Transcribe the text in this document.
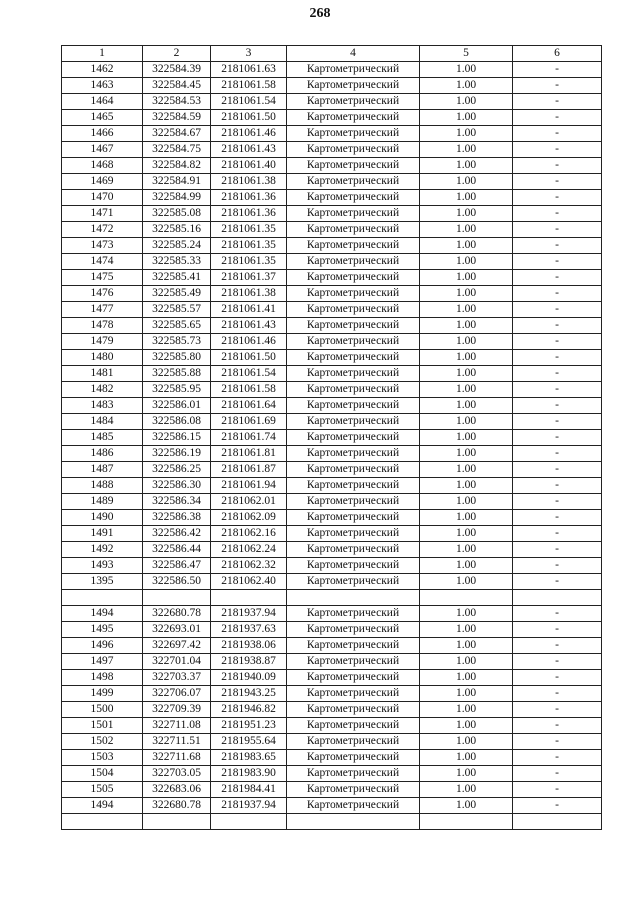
268
1	2	3	4	5	6
1462	322584.39	2181061.63	Картометрический	1.00	-
1463	322584.45	2181061.58	Картометрический	1.00	-
1464	322584.53	2181061.54	Картометрический	1.00	-
1465	322584.59	2181061.50	Картометрический	1.00	-
1466	322584.67	2181061.46	Картометрический	1.00	-
1467	322584.75	2181061.43	Картометрический	1.00	-
1468	322584.82	2181061.40	Картометрический	1.00	-
1469	322584.91	2181061.38	Картометрический	1.00	-
1470	322584.99	2181061.36	Картометрический	1.00	-
1471	322585.08	2181061.36	Картометрический	1.00	-
1472	322585.16	2181061.35	Картометрический	1.00	-
1473	322585.24	2181061.35	Картометрический	1.00	-
1474	322585.33	2181061.35	Картометрический	1.00	-
1475	322585.41	2181061.37	Картометрический	1.00	-
1476	322585.49	2181061.38	Картометрический	1.00	-
1477	322585.57	2181061.41	Картометрический	1.00	-
1478	322585.65	2181061.43	Картометрический	1.00	-
1479	322585.73	2181061.46	Картометрический	1.00	-
1480	322585.80	2181061.50	Картометрический	1.00	-
1481	322585.88	2181061.54	Картометрический	1.00	-
1482	322585.95	2181061.58	Картометрический	1.00	-
1483	322586.01	2181061.64	Картометрический	1.00	-
1484	322586.08	2181061.69	Картометрический	1.00	-
1485	322586.15	2181061.74	Картометрический	1.00	-
1486	322586.19	2181061.81	Картометрический	1.00	-
1487	322586.25	2181061.87	Картометрический	1.00	-
1488	322586.30	2181061.94	Картометрический	1.00	-
1489	322586.34	2181062.01	Картометрический	1.00	-
1490	322586.38	2181062.09	Картометрический	1.00	-
1491	322586.42	2181062.16	Картометрический	1.00	-
1492	322586.44	2181062.24	Картометрический	1.00	-
1493	322586.47	2181062.32	Картометрический	1.00	-
1395	322586.50	2181062.40	Картометрический	1.00	-

1494	322680.78	2181937.94	Картометрический	1.00	-
1495	322693.01	2181937.63	Картометрический	1.00	-
1496	322697.42	2181938.06	Картометрический	1.00	-
1497	322701.04	2181938.87	Картометрический	1.00	-
1498	322703.37	2181940.09	Картометрический	1.00	-
1499	322706.07	2181943.25	Картометрический	1.00	-
1500	322709.39	2181946.82	Картометрический	1.00	-
1501	322711.08	2181951.23	Картометрический	1.00	-
1502	322711.51	2181955.64	Картометрический	1.00	-
1503	322711.68	2181983.65	Картометрический	1.00	-
1504	322703.05	2181983.90	Картометрический	1.00	-
1505	322683.06	2181984.41	Картометрический	1.00	-
1494	322680.78	2181937.94	Картометрический	1.00	-
